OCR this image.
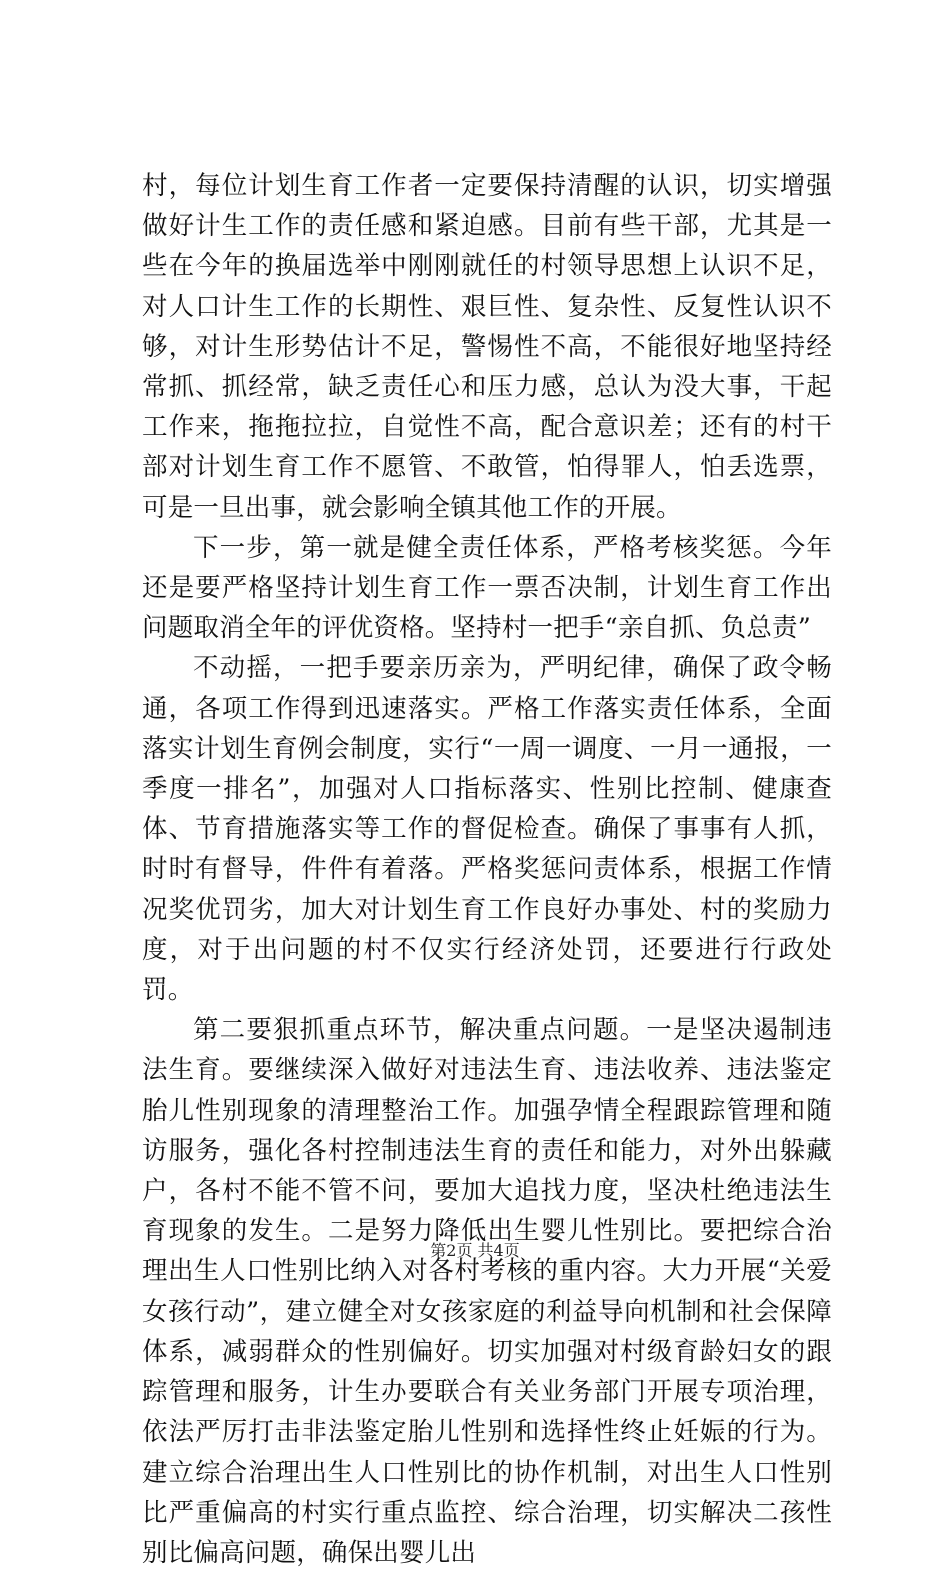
村，每位计划生育工作者一定要保持清醒的认识，切实增强做好计生工作的责任感和紧迫感。目前有些干部，尤其是一些在今年的换届选举中刚刚就任的村领导思想上认识不足，对人口计生工作的长期性、艰巨性、复杂性、反复性认识不够，对计生形势估计不足，警惕性不高，不能很好地坚持经常抓、抓经常，缺乏责任心和压力感，总认为没大事，干起工作来，拖拖拉拉，自觉性不高，配合意识差；还有的村干部对计划生育工作不愿管、不敢管，怕得罪人，怕丢选票，可是一旦出事，就会影响全镇其他工作的开展。

下一步，第一就是健全责任体系，严格考核奖惩。今年还是要严格坚持计划生育工作一票否决制，计划生育工作出问题取消全年的评优资格。坚持村一把手“亲自抓、负总责”

不动摇，一把手要亲历亲为，严明纪律，确保了政令畅通，各项工作得到迅速落实。严格工作落实责任体系，全面落实计划生育例会制度，实行“一周一调度、一月一通报，一季度一排名”，加强对人口指标落实、性别比控制、健康查体、节育措施落实等工作的督促检查。确保了事事有人抓，时时有督导，件件有着落。严格奖惩问责体系，根据工作情况奖优罚劣，加大对计划生育工作良好办事处、村的奖励力度，对于出问题的村不仅实行经济处罚，还要进行行政处罚。

第二要狠抓重点环节，解决重点问题。一是坚决遏制违法生育。要继续深入做好对违法生育、违法收养、违法鉴定胎儿性别现象的清理整治工作。加强孕情全程跟踪管理和随访服务，强化各村控制违法生育的责任和能力，对外出躲藏户，各村不能不管不问，要加大追找力度，坚决杜绝违法生育现象的发生。二是努力降低出生婴儿性别比。要把综合治理出生人口性别比纳入对各村考核的重内容。大力开展“关爱女孩行动”，建立健全对女孩家庭的利益导向机制和社会保障体系，减弱群众的性别偏好。切实加强对村级育龄妇女的跟踪管理和服务，计生办要联合有关业务部门开展专项治理，依法严厉打击非法鉴定胎儿性别和选择性终止妊娠的行为。建立综合治理出生人口性别比的协作机制，对出生人口性别比严重偏高的村实行重点监控、综合治理，切实解决二孩性别比偏高问题，确保出婴儿出

第2页 共4页
